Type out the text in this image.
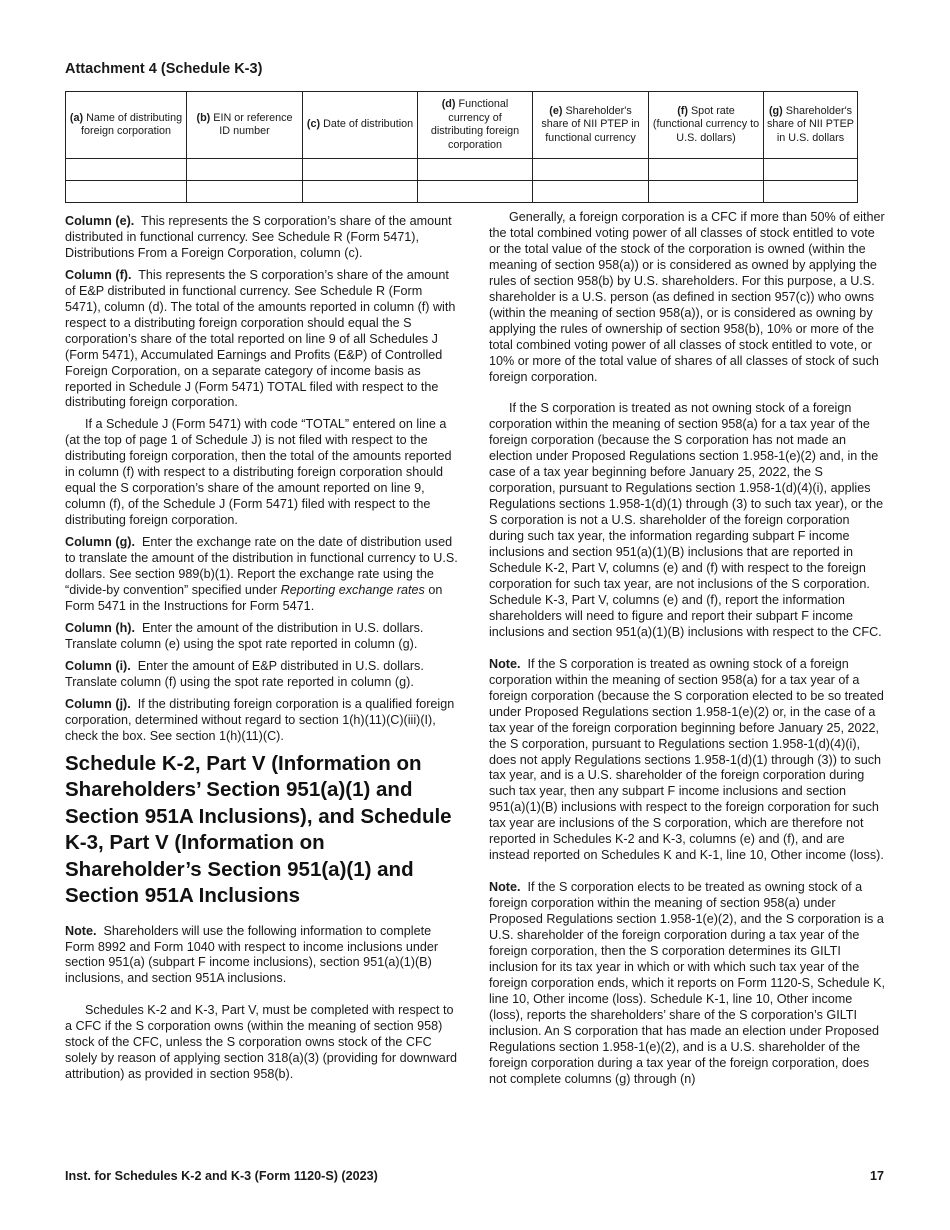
Attachment 4 (Schedule K-3)
(a) Name of distributing foreign corporation	(b) EIN or reference ID number	(c) Date of distribution	(d) Functional currency of distributing foreign corporation	(e) Shareholder's share of NII PTEP in functional currency	(f) Spot rate (functional currency to U.S. dollars)	(g) Shareholder's share of NII PTEP in U.S. dollars

Column (e). This represents the S corporation’s share of the amount distributed in functional currency. See Schedule R (Form 5471), Distributions From a Foreign Corporation, column (c).

Column (f). This represents the S corporation’s share of the amount of E&P distributed in functional currency. See Schedule R (Form 5471), column (d). The total of the amounts reported in column (f) with respect to a distributing foreign corporation should equal the S corporation’s share of the total reported on line 9 of all Schedules J (Form 5471), Accumulated Earnings and Profits (E&P) of Controlled Foreign Corporation, on a separate category of income basis as reported in Schedule J (Form 5471) TOTAL filed with respect to the distributing foreign corporation.

If a Schedule J (Form 5471) with code “TOTAL” entered on line a (at the top of page 1 of Schedule J) is not filed with respect to the distributing foreign corporation, then the total of the amounts reported in column (f) with respect to a distributing foreign corporation should equal the S corporation’s share of the amount reported on line 9, column (f), of the Schedule J (Form 5471) filed with respect to the distributing foreign corporation.

Column (g). Enter the exchange rate on the date of distribution used to translate the amount of the distribution in functional currency to U.S. dollars. See section 989(b)(1). Report the exchange rate using the “divide-by convention” specified under Reporting exchange rates on Form 5471 in the Instructions for Form 5471.

Column (h). Enter the amount of the distribution in U.S. dollars. Translate column (e) using the spot rate reported in column (g).

Column (i). Enter the amount of E&P distributed in U.S. dollars. Translate column (f) using the spot rate reported in column (g).

Column (j). If the distributing foreign corporation is a qualified foreign corporation, determined without regard to section 1(h)(11)(C)(iii)(I), check the box. See section 1(h)(11)(C).

Schedule K-2, Part V (Information on Shareholders’ Section 951(a)(1) and Section 951A Inclusions), and Schedule K-3, Part V (Information on Shareholder’s Section 951(a)(1) and Section 951A Inclusions

Note. Shareholders will use the following information to complete Form 8992 and Form 1040 with respect to income inclusions under section 951(a) (subpart F income inclusions), section 951(a)(1)(B) inclusions, and section 951A inclusions.

Schedules K-2 and K-3, Part V, must be completed with respect to a CFC if the S corporation owns (within the meaning of section 958) stock of the CFC, unless the S corporation owns stock of the CFC solely by reason of applying section 318(a)(3) (providing for downward attribution) as provided in section 958(b).

Generally, a foreign corporation is a CFC if more than 50% of either the total combined voting power of all classes of stock entitled to vote or the total value of the stock of the corporation is owned (within the meaning of section 958(a)) or is considered as owned by applying the rules of section 958(b) by U.S. shareholders. For this purpose, a U.S. shareholder is a U.S. person (as defined in section 957(c)) who owns (within the meaning of section 958(a)), or is considered as owning by applying the rules of ownership of section 958(b), 10% or more of the total combined voting power of all classes of stock entitled to vote, or 10% or more of the total value of shares of all classes of stock of such foreign corporation.

If the S corporation is treated as not owning stock of a foreign corporation within the meaning of section 958(a) for a tax year of the foreign corporation (because the S corporation has not made an election under Proposed Regulations section 1.958-1(e)(2) and, in the case of a tax year beginning before January 25, 2022, the S corporation, pursuant to Regulations section 1.958-1(d)(4)(i), applies Regulations sections 1.958-1(d)(1) through (3) to such tax year), or the S corporation is not a U.S. shareholder of the foreign corporation during such tax year, the information regarding subpart F income inclusions and section 951(a)(1)(B) inclusions that are reported in Schedule K-2, Part V, columns (e) and (f) with respect to the foreign corporation for such tax year, are not inclusions of the S corporation. Schedule K-3, Part V, columns (e) and (f), report the information shareholders will need to figure and report their subpart F income inclusions and section 951(a)(1)(B) inclusions with respect to the CFC.

Note. If the S corporation is treated as owning stock of a foreign corporation within the meaning of section 958(a) for a tax year of a foreign corporation (because the S corporation elected to be so treated under Proposed Regulations section 1.958-1(e)(2) or, in the case of a tax year of the foreign corporation beginning before January 25, 2022, the S corporation, pursuant to Regulations section 1.958-1(d)(4)(i), does not apply Regulations sections 1.958-1(d)(1) through (3)) to such tax year, and is a U.S. shareholder of the foreign corporation during such tax year, then any subpart F income inclusions and section 951(a)(1)(B) inclusions with respect to the foreign corporation for such tax year are inclusions of the S corporation, which are therefore not reported in Schedules K-2 and K-3, columns (e) and (f), and are instead reported on Schedules K and K-1, line 10, Other income (loss).

Note. If the S corporation elects to be treated as owning stock of a foreign corporation within the meaning of section 958(a) under Proposed Regulations section 1.958-1(e)(2), and the S corporation is a U.S. shareholder of the foreign corporation during a tax year of the foreign corporation, then the S corporation determines its GILTI inclusion for its tax year in which or with which such tax year of the foreign corporation ends, which it reports on Form 1120-S, Schedule K, line 10, Other income (loss). Schedule K-1, line 10, Other income (loss), reports the shareholders’ share of the S corporation’s GILTI inclusion. An S corporation that has made an election under Proposed Regulations section 1.958-1(e)(2), and is a U.S. shareholder of the foreign corporation during a tax year of the foreign corporation, does not complete columns (g) through (n)

Inst. for Schedules K-2 and K-3 (Form 1120-S) (2023)	17
